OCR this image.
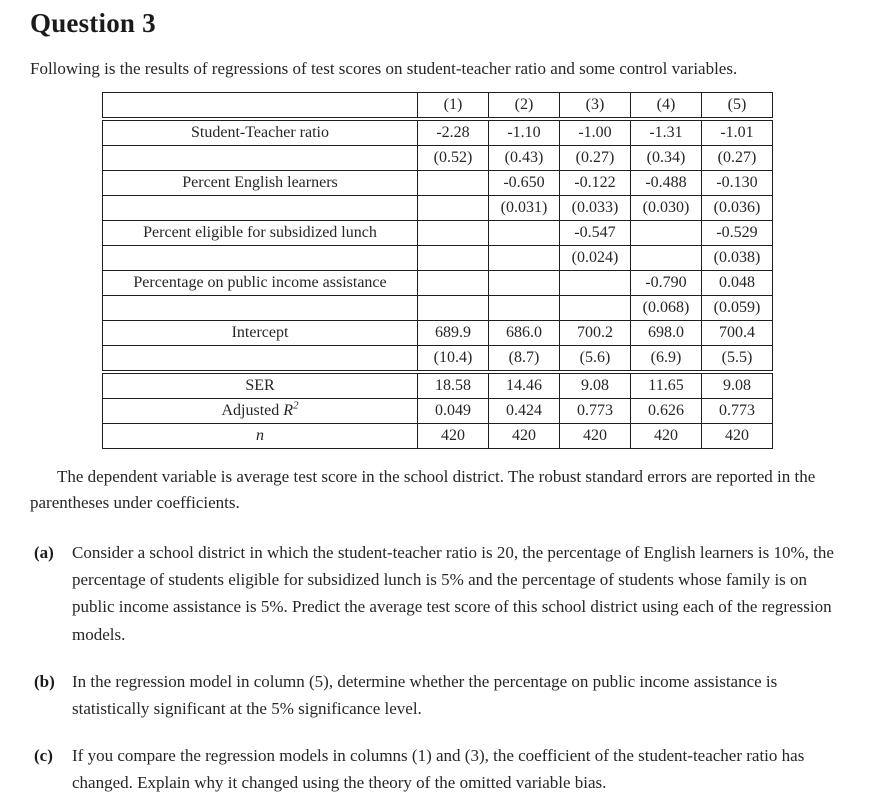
Question 3

Following is the results of regressions of test scores on student-teacher ratio and some control variables.

	(1)	(2)	(3)	(4)	(5)
Student-Teacher ratio	-2.28	-1.10	-1.00	-1.31	-1.01
	(0.52)	(0.43)	(0.27)	(0.34)	(0.27)
Percent English learners		-0.650	-0.122	-0.488	-0.130
		(0.031)	(0.033)	(0.030)	(0.036)
Percent eligible for subsidized lunch			-0.547		-0.529
			(0.024)		(0.038)
Percentage on public income assistance				-0.790	0.048
				(0.068)	(0.059)
Intercept	689.9	686.0	700.2	698.0	700.4
	(10.4)	(8.7)	(5.6)	(6.9)	(5.5)
SER	18.58	14.46	9.08	11.65	9.08
Adjusted $R^2$	0.049	0.424	0.773	0.626	0.773
n	420	420	420	420	420

The dependent variable is average test score in the school district. The robust standard errors are reported in the parentheses under coefficients.

(a) Consider a school district in which the student-teacher ratio is 20, the percentage of English learners is 10%, the percentage of students eligible for subsidized lunch is 5% and the percentage of students whose family is on public income assistance is 5%. Predict the average test score of this school district using each of the regression models.
(b) In the regression model in column (5), determine whether the percentage on public income assistance is statistically significant at the 5% significance level.
(c) If you compare the regression models in columns (1) and (3), the coefficient of the student-teacher ratio has changed. Explain why it changed using the theory of the omitted variable bias.
